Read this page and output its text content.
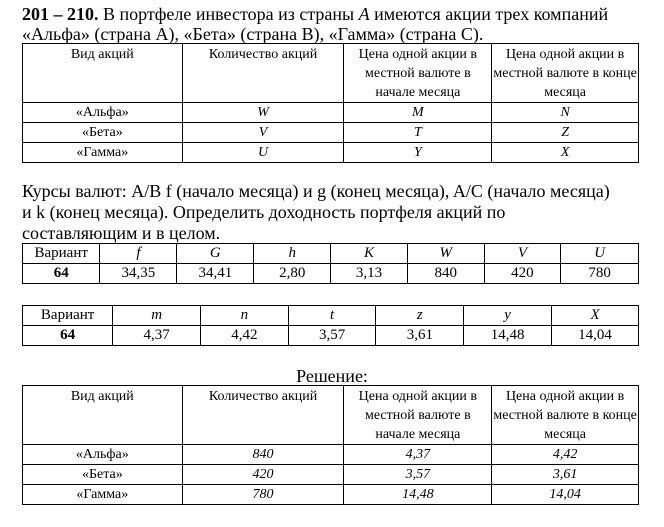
201 – 210. В портфеле инвестора из страны A имеются акции трех компаний

«Альфа» (страна А), «Бета» (страна B), «Гамма» (страна C).

Вид акций	Количество акций	Цена одной акции в местной валюте в начале месяца	Цена одной акции в местной валюте в конце месяца
«Альфа»	W	M	N
«Бета»	V	T	Z
«Гамма»	U	Y	X

Курсы валют: A/B f (начало месяца) и g (конец месяца), A/C (начало месяца)

и k (конец месяца). Определить доходность портфеля акций по

составляющим и в целом.

Вариант	f	G	h	K	W	V	U
64	34,35	34,41	2,80	3,13	840	420	780
Вариант	m	n	t	z	y	X
64	4,37	4,42	3,57	3,61	14,48	14,04
Решение:
Вид акций	Количество акций	Цена одной акции в местной валюте в начале месяца	Цена одной акции в местной валюте в конце месяца
«Альфа»	840	4,37	4,42
«Бета»	420	3,57	3,61
«Гамма»	780	14,48	14,04
